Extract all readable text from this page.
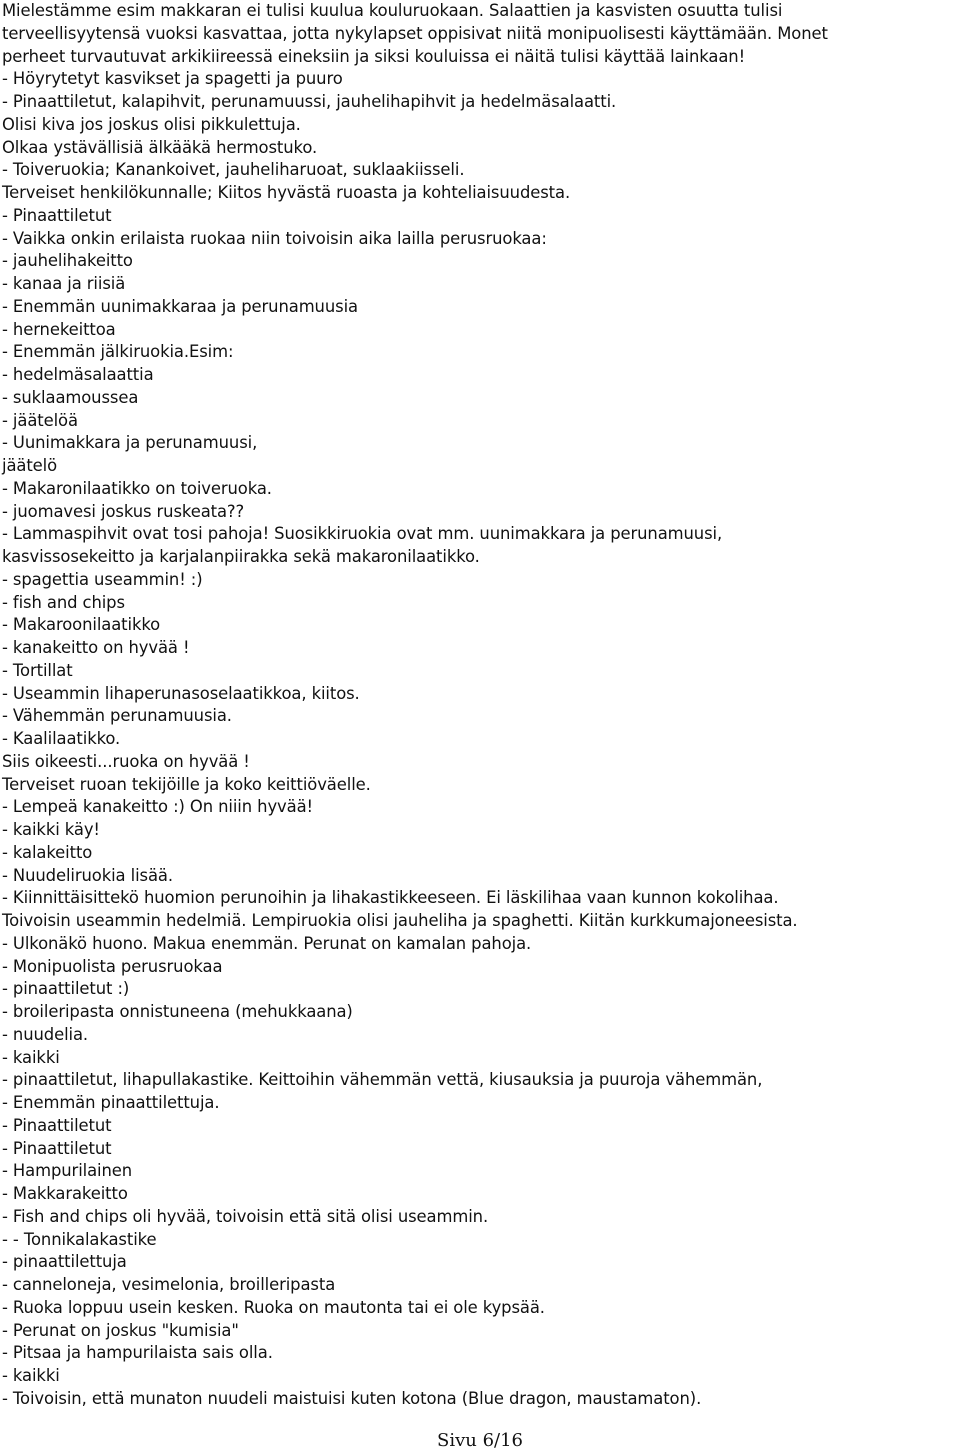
Mielestämme esim makkaran ei tulisi kuulua kouluruokaan. Salaattien ja kasvisten osuutta tulisi
terveellisyytensä vuoksi kasvattaa, jotta nykylapset oppisivat niitä monipuolisesti käyttämään. Monet
perheet turvautuvat arkikiireessä eineksiin ja siksi kouluissa ei näitä tulisi käyttää lainkaan!
- Höyrytetyt kasvikset ja spagetti ja puuro
- Pinaattiletut, kalapihvit, perunamuussi, jauhelihapihvit ja hedelmäsalaatti.
Olisi kiva jos joskus olisi pikkulettuja.
Olkaa ystävällisiä älkääkä hermostuko.
- Toiveruokia; Kanankoivet, jauheliharuoat, suklaakiisseli.
Terveiset henkilökunnalle; Kiitos hyvästä ruoasta ja kohteliaisuudesta.
- Pinaattiletut
- Vaikka onkin erilaista ruokaa niin toivoisin aika lailla perusruokaa:
- jauhelihakeitto
- kanaa ja riisiä
- Enemmän uunimakkaraa ja perunamuusia
- hernekeittoa
- Enemmän jälkiruokia.Esim:
- hedelmäsalaattia
- suklaamoussea
- jäätelöä
- Uunimakkara ja perunamuusi,
jäätelö
- Makaronilaatikko on toiveruoka.
- juomavesi joskus ruskeata??
- Lammaspihvit ovat tosi pahoja! Suosikkiruokia ovat mm. uunimakkara ja perunamuusi,
kasvissosekeitto ja karjalanpiirakka sekä makaronilaatikko.
- spagettia useammin! :)
- fish and chips
- Makaroonilaatikko
- kanakeitto on hyvää !
- Tortillat
- Useammin lihaperunasoselaatikkoa, kiitos.
- Vähemmän perunamuusia.
- Kaalilaatikko.
Siis oikeesti...ruoka on hyvää !
Terveiset ruoan tekijöille ja koko keittiöväelle.
- Lempeä kanakeitto :) On niiin hyvää!
- kaikki käy!
- kalakeitto
- Nuudeliruokia lisää.
- Kiinnittäisittekö huomion perunoihin ja lihakastikkeeseen. Ei läskilihaa vaan kunnon kokolihaa.
Toivoisin useammin hedelmiä. Lempiruokia olisi jauheliha ja spaghetti. Kiitän kurkkumajoneesista.
- Ulkonäkö huono. Makua enemmän. Perunat on kamalan pahoja.
- Monipuolista perusruokaa
- pinaattiletut :)
- broileripasta onnistuneena (mehukkaana)
- nuudelia.
- kaikki
- pinaattiletut, lihapullakastike. Keittoihin vähemmän vettä, kiusauksia ja puuroja vähemmän,
- Enemmän pinaattilettuja.
- Pinaattiletut
- Pinaattiletut
- Hampurilainen
- Makkarakeitto
- Fish and chips oli hyvää, toivoisin että sitä olisi useammin.
- - Tonnikalakastike
- pinaattilettuja
- canneloneja, vesimelonia, broilleripasta
- Ruoka loppuu usein kesken. Ruoka on mautonta tai ei ole kypsää.
- Perunat on joskus "kumisia"
- Pitsaa ja hampurilaista sais olla.
- kaikki
- Toivoisin, että munaton nuudeli maistuisi kuten kotona (Blue dragon, maustamaton).
Sivu 6/16
